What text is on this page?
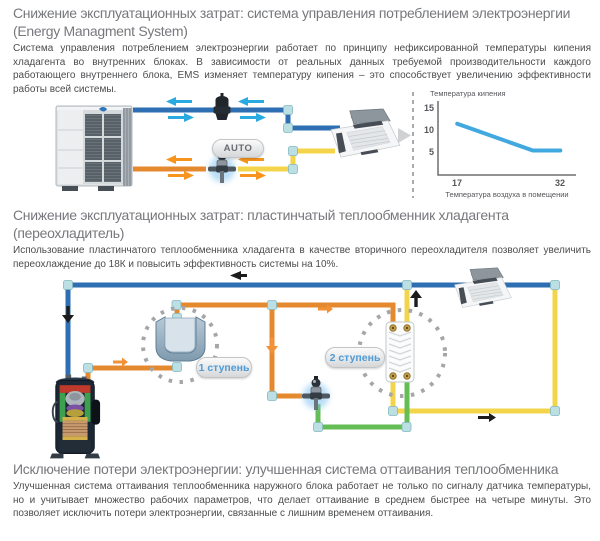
Снижение эксплуатационных затрат: система управления потреблением электроэнергии
(Energy Managment System)
Система управления потреблением электроэнергии работает по принципу нефиксированной температуры кипения хладагента во внутренних блоках. В зависимости от реальных данных требуемой производительности каждого работающего внутреннего блока, EMS изменяет температуру кипения – это способствует увеличению эффективности работы всей системы.
AUTO
Температура кипения
15
10
5
17	32
Температура воздуха в помещении
Снижение эксплуатационных затрат: пластинчатый теплообменник хладагента
(переохладитель)
Использование пластинчатого теплообменника хладагента в качестве вторичного переохладителя позволяет увеличить переохлаждение до 18К и повысить эффективность системы на 10%.
1 ступень
2 ступень
Исключение потери электроэнергии: улучшенная система оттаивания теплообменника
Улучшенная система оттаивания теплообменника наружного блока работает не только по сигналу датчика температуры, но и учитывает множество рабочих параметров, что делает оттаивание в среднем быстрее на четыре минуты. Это позволяет исключить потери электроэнергии, связанные с лишним временем оттаивания.
